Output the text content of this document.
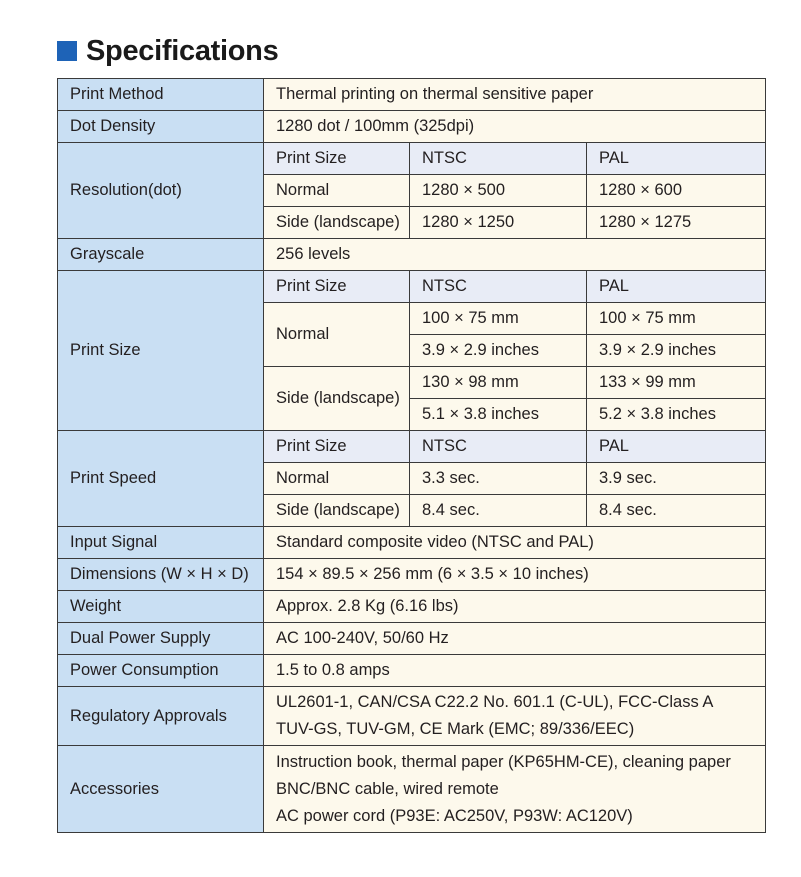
Specifications
Print Method	Thermal printing on thermal sensitive paper		
Dot Density	1280 dot / 100mm (325dpi)		
Resolution(dot)	Print Size	NTSC	PAL
	Normal	1280 × 500	1280 × 600
	Side (landscape)	1280 × 1250	1280 × 1275
Grayscale	256 levels		
Print Size	Print Size	NTSC	PAL
	Normal	100 × 75 mm	100 × 75 mm
		3.9 × 2.9 inches	3.9 × 2.9 inches
	Side (landscape)	130 × 98 mm	133 × 99 mm
		5.1 × 3.8 inches	5.2 × 3.8 inches
Print Speed	Print Size	NTSC	PAL
	Normal	3.3 sec.	3.9 sec.
	Side (landscape)	8.4 sec.	8.4 sec.
Input Signal	Standard composite video (NTSC and PAL)		
Dimensions (W × H × D)	154 × 89.5 × 256 mm (6 × 3.5 × 10 inches)		
Weight	Approx. 2.8 Kg (6.16 lbs)		
Dual Power Supply	AC 100-240V, 50/60 Hz		
Power Consumption	1.5 to 0.8 amps		
Regulatory Approvals	UL2601-1, CAN/CSA C22.2 No. 601.1 (C-UL), FCC-Class A
TUV-GS, TUV-GM, CE Mark (EMC; 89/336/EEC)		

Accessories	Instruction book, thermal paper (KP65HM-CE), cleaning paper
BNC/BNC cable, wired remote
AC power cord (P93E: AC250V, P93W: AC120V)		
